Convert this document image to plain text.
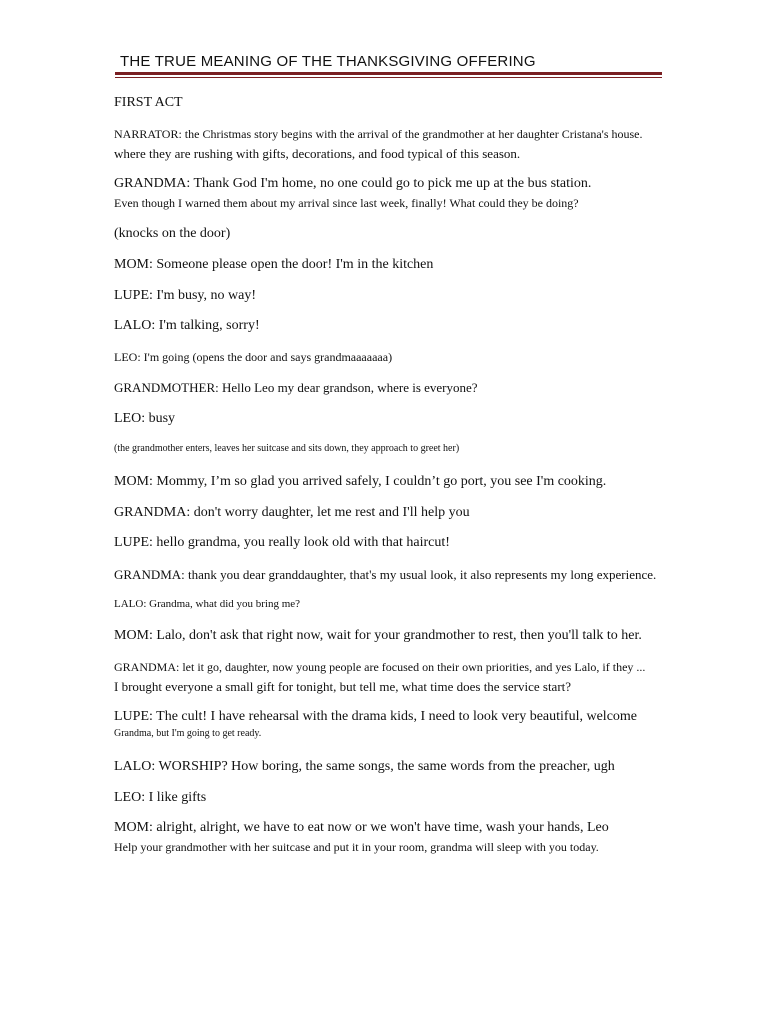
THE TRUE MEANING OF THE THANKSGIVING OFFERING
FIRST ACT
NARRATOR: the Christmas story begins with the arrival of the grandmother at her daughter Cristana's house.
where they are rushing with gifts, decorations, and food typical of this season.
GRANDMA: Thank God I'm home, no one could go to pick me up at the bus station.
Even though I warned them about my arrival since last week, finally! What could they be doing?
(knocks on the door)
MOM: Someone please open the door! I'm in the kitchen
LUPE: I'm busy, no way!
LALO: I'm talking, sorry!
LEO: I'm going (opens the door and says grandmaaaaaaa)
GRANDMOTHER: Hello Leo my dear grandson, where is everyone?
LEO: busy
(the grandmother enters, leaves her suitcase and sits down, they approach to greet her)
MOM: Mommy, I’m so glad you arrived safely, I couldn’t go port, you see I'm cooking.
GRANDMA: don't worry daughter, let me rest and I'll help you
LUPE: hello grandma, you really look old with that haircut!
GRANDMA: thank you dear granddaughter, that's my usual look, it also represents my long experience.
LALO: Grandma, what did you bring me?
MOM: Lalo, don't ask that right now, wait for your grandmother to rest, then you'll talk to her.
GRANDMA: let it go, daughter, now young people are focused on their own priorities, and yes Lalo, if they ...
I brought everyone a small gift for tonight, but tell me, what time does the service start?
LUPE: The cult! I have rehearsal with the drama kids, I need to look very beautiful, welcome
Grandma, but I'm going to get ready.
LALO: WORSHIP? How boring, the same songs, the same words from the preacher, ugh
LEO: I like gifts
MOM: alright, alright, we have to eat now or we won't have time, wash your hands, Leo
Help your grandmother with her suitcase and put it in your room, grandma will sleep with you today.
